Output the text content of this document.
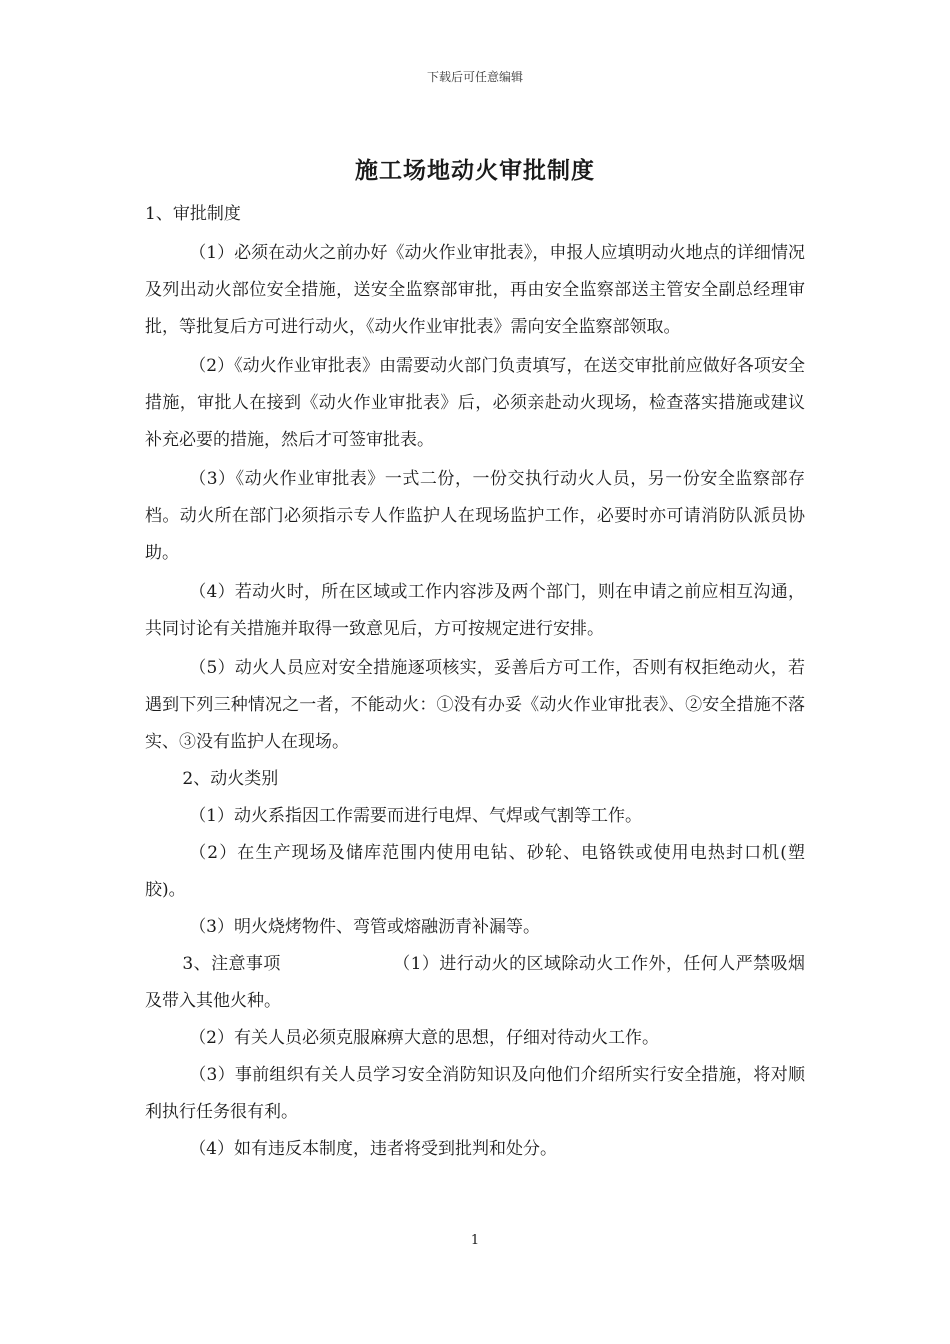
下载后可任意编辑
施工场地动火审批制度

1、审批制度

（1）必须在动火之前办好《动火作业审批表》，申报人应填明动火地点的详细情况及列出动火部位安全措施，送安全监察部审批，再由安全监察部送主管安全副总经理审批，等批复后方可进行动火，《动火作业审批表》需向安全监察部领取。

（2）《动火作业审批表》由需要动火部门负责填写，在送交审批前应做好各项安全措施，审批人在接到《动火作业审批表》后，必须亲赴动火现场，检查落实措施或建议补充必要的措施，然后才可签审批表。

（3）《动火作业审批表》一式二份，一份交执行动火人员，另一份安全监察部存档。动火所在部门必须指示专人作监护人在现场监护工作，必要时亦可请消防队派员协助。

（4）若动火时，所在区域或工作内容涉及两个部门，则在申请之前应相互沟通，共同讨论有关措施并取得一致意见后，方可按规定进行安排。

（5）动火人员应对安全措施逐项核实，妥善后方可工作，否则有权拒绝动火，若遇到下列三种情况之一者，不能动火：①没有办妥《动火作业审批表》、②安全措施不落实、③没有监护人在现场。

2、动火类别

（1）动火系指因工作需要而进行电焊、气焊或气割等工作。

（2）在生产现场及储库范围内使用电钻、砂轮、电铬铁或使用电热封口机(塑胶)。

（3）明火烧烤物件、弯管或熔融沥青补漏等。

3、注意事项	（1）进行动火的区域除动火工作外，任何人严禁吸烟及带入其他火种。

（2）有关人员必须克服麻痹大意的思想，仔细对待动火工作。

（3）事前组织有关人员学习安全消防知识及向他们介绍所实行安全措施，将对顺利执行任务很有利。

（4）如有违反本制度，违者将受到批判和处分。

1
